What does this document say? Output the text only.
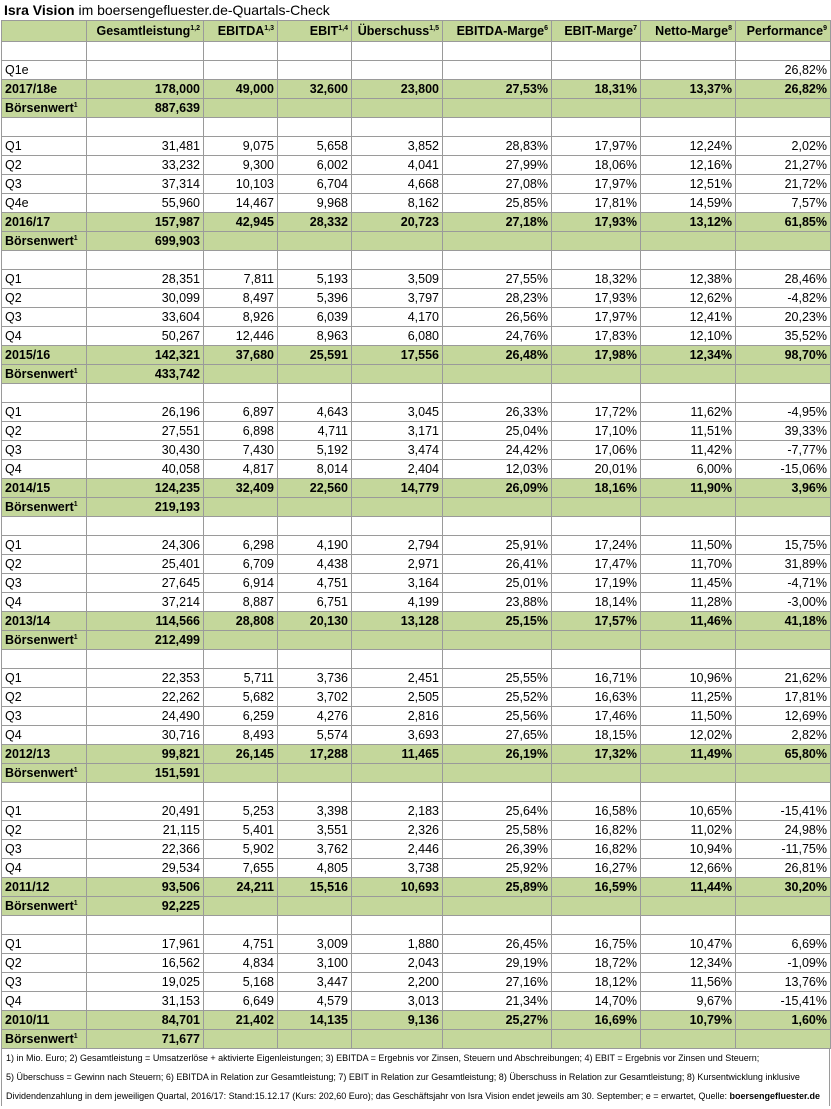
Isra Vision im boersengefluester.de-Quartals-Check
	Gesamtleistung$^{1,2}$	EBITDA$^{1,3}$	EBIT$^{1,4}$	Überschuss$^{1,5}$	EBITDA-Marge$^6$	EBIT-Marge$^7$	Netto-Marge$^8$	Performance$^9$

Q1e								26,82%
2017/18e	178,000	49,000	32,600	23,800	27,53%	18,31%	13,37%	26,82%
Börsenwert$^1$	887,639							

Q1	31,481	9,075	5,658	3,852	28,83%	17,97%	12,24%	2,02%
Q2	33,232	9,300	6,002	4,041	27,99%	18,06%	12,16%	21,27%
Q3	37,314	10,103	6,704	4,668	27,08%	17,97%	12,51%	21,72%
Q4e	55,960	14,467	9,968	8,162	25,85%	17,81%	14,59%	7,57%
2016/17	157,987	42,945	28,332	20,723	27,18%	17,93%	13,12%	61,85%
Börsenwert$^1$	699,903							

Q1	28,351	7,811	5,193	3,509	27,55%	18,32%	12,38%	28,46%
Q2	30,099	8,497	5,396	3,797	28,23%	17,93%	12,62%	-4,82%
Q3	33,604	8,926	6,039	4,170	26,56%	17,97%	12,41%	20,23%
Q4	50,267	12,446	8,963	6,080	24,76%	17,83%	12,10%	35,52%
2015/16	142,321	37,680	25,591	17,556	26,48%	17,98%	12,34%	98,70%
Börsenwert$^1$	433,742							

Q1	26,196	6,897	4,643	3,045	26,33%	17,72%	11,62%	-4,95%
Q2	27,551	6,898	4,711	3,171	25,04%	17,10%	11,51%	39,33%
Q3	30,430	7,430	5,192	3,474	24,42%	17,06%	11,42%	-7,77%
Q4	40,058	4,817	8,014	2,404	12,03%	20,01%	6,00%	-15,06%
2014/15	124,235	32,409	22,560	14,779	26,09%	18,16%	11,90%	3,96%
Börsenwert$^1$	219,193							

Q1	24,306	6,298	4,190	2,794	25,91%	17,24%	11,50%	15,75%
Q2	25,401	6,709	4,438	2,971	26,41%	17,47%	11,70%	31,89%
Q3	27,645	6,914	4,751	3,164	25,01%	17,19%	11,45%	-4,71%
Q4	37,214	8,887	6,751	4,199	23,88%	18,14%	11,28%	-3,00%
2013/14	114,566	28,808	20,130	13,128	25,15%	17,57%	11,46%	41,18%
Börsenwert$^1$	212,499							

Q1	22,353	5,711	3,736	2,451	25,55%	16,71%	10,96%	21,62%
Q2	22,262	5,682	3,702	2,505	25,52%	16,63%	11,25%	17,81%
Q3	24,490	6,259	4,276	2,816	25,56%	17,46%	11,50%	12,69%
Q4	30,716	8,493	5,574	3,693	27,65%	18,15%	12,02%	2,82%
2012/13	99,821	26,145	17,288	11,465	26,19%	17,32%	11,49%	65,80%
Börsenwert$^1$	151,591							

Q1	20,491	5,253	3,398	2,183	25,64%	16,58%	10,65%	-15,41%
Q2	21,115	5,401	3,551	2,326	25,58%	16,82%	11,02%	24,98%
Q3	22,366	5,902	3,762	2,446	26,39%	16,82%	10,94%	-11,75%
Q4	29,534	7,655	4,805	3,738	25,92%	16,27%	12,66%	26,81%
2011/12	93,506	24,211	15,516	10,693	25,89%	16,59%	11,44%	30,20%
Börsenwert$^1$	92,225							

Q1	17,961	4,751	3,009	1,880	26,45%	16,75%	10,47%	6,69%
Q2	16,562	4,834	3,100	2,043	29,19%	18,72%	12,34%	-1,09%
Q3	19,025	5,168	3,447	2,200	27,16%	18,12%	11,56%	13,76%
Q4	31,153	6,649	4,579	3,013	21,34%	14,70%	9,67%	-15,41%
2010/11	84,701	21,402	14,135	9,136	25,27%	16,69%	10,79%	1,60%
Börsenwert$^1$	71,677							
1) in Mio. Euro; 2) Gesamtleistung = Umsatzerlöse + aktivierte Eigenleistungen; 3) EBITDA = Ergebnis vor Zinsen, Steuern und Abschreibungen; 4) EBIT = Ergebnis vor Zinsen und Steuern;
5) Überschuss = Gewinn nach Steuern; 6) EBITDA in Relation zur Gesamtleistung; 7) EBIT in Relation zur Gesamtleistung; 8) Überschuss in Relation zur Gesamtleistung; 8) Kursentwicklung inklusive
Dividendenzahlung in dem jeweiligen Quartal, 2016/17: Stand:15.12.17 (Kurs: 202,60 Euro); das Geschäftsjahr von Isra Vision endet jeweils am 30. September; e = erwartet, Quelle: boersengefluester.de
